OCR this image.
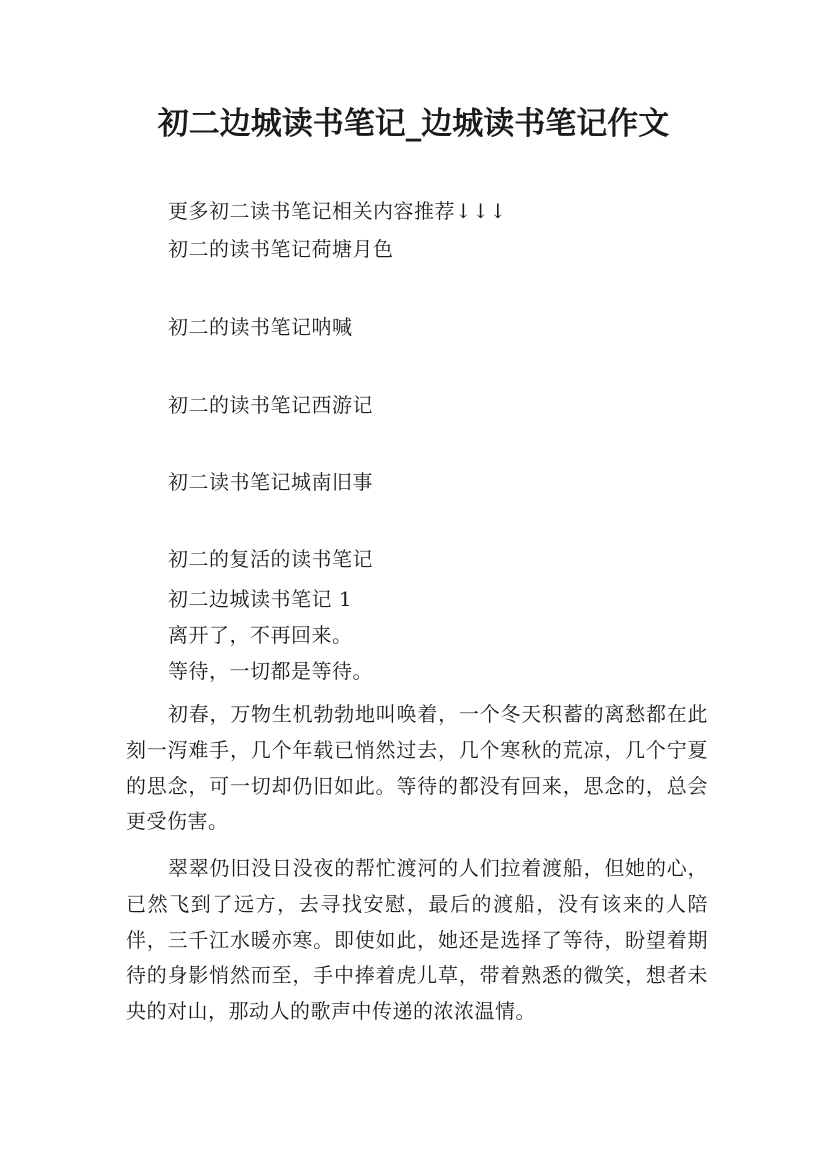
初二边城读书笔记_边城读书笔记作文
更多初二读书笔记相关内容推荐↓↓↓
初二的读书笔记荷塘月色
初二的读书笔记呐喊
初二的读书笔记西游记
初二读书笔记城南旧事
初二的复活的读书笔记
初二边城读书笔记 1
离开了，不再回来。
等待，一切都是等待。
初春，万物生机勃勃地叫唤着，一个冬天积蓄的离愁都在此刻一泻难手，几个年载已悄然过去，几个寒秋的荒凉，几个宁夏的思念，可一切却仍旧如此。等待的都没有回来，思念的，总会更受伤害。
翠翠仍旧没日没夜的帮忙渡河的人们拉着渡船，但她的心，已然飞到了远方，去寻找安慰，最后的渡船，没有该来的人陪伴，三千江水暖亦寒。即使如此，她还是选择了等待，盼望着期待的身影悄然而至，手中捧着虎儿草，带着熟悉的微笑，想者未央的对山，那动人的歌声中传递的浓浓温情。
